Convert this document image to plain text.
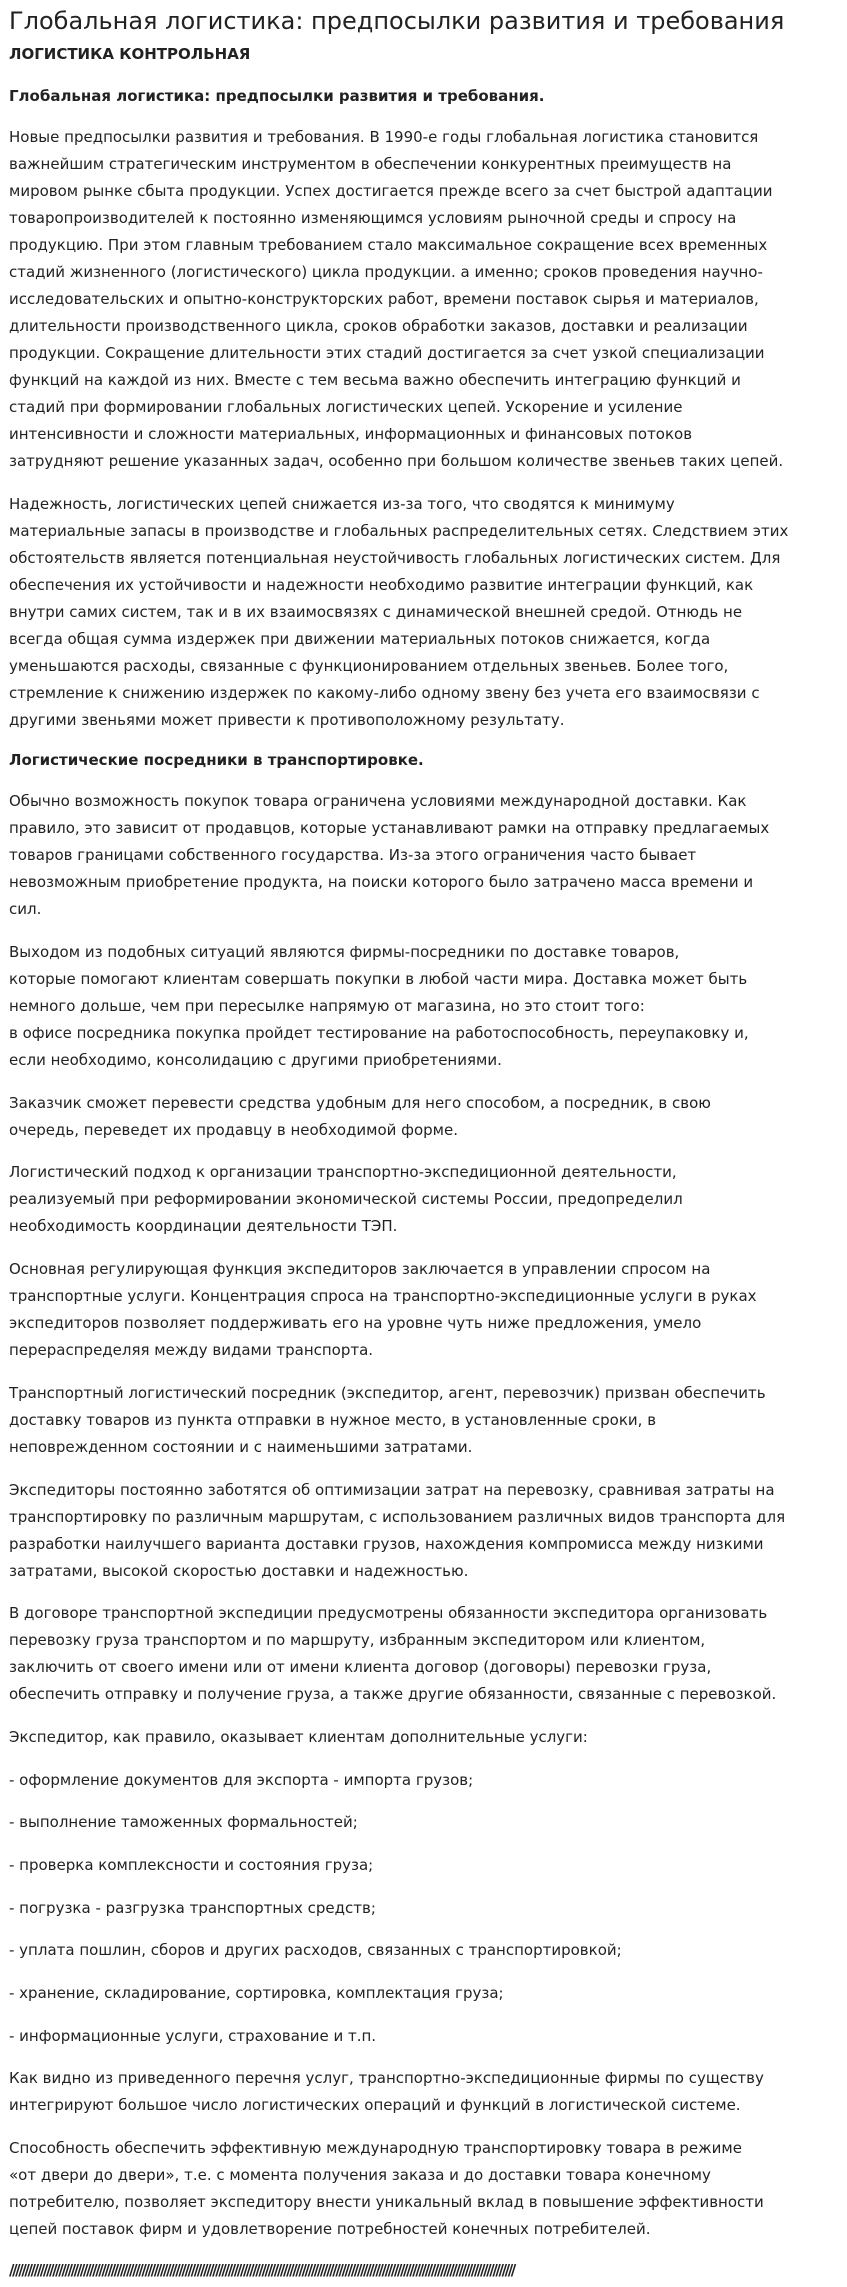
Глобальная логистика: предпосылки развития и требования
ЛОГИСТИКА КОНТРОЛЬНАЯ

Глобальная логистика: предпосылки развития и требования.

Новые предпосылки развития и требования. В 1990-е годы глобальная логистика становится
важнейшим стратегическим инструментом в обеспечении конкурентных преимуществ на
мировом рынке сбыта продукции. Успех достигается прежде всего за счет быстрой адаптации
товаропроизводителей к постоянно изменяющимся условиям рыночной среды и спросу на
продукцию. При этом главным требованием стало максимальное сокращение всех временных
стадий жизненного (логистического) цикла продукции. а именно; сроков проведения научно-
исследовательских и опытно-конструкторских работ, времени поставок сырья и материалов,
длительности производственного цикла, сроков обработки заказов, доставки и реализации
продукции. Сокращение длительности этих стадий достигается за счет узкой специализации
функций на каждой из них. Вместе с тем весьма важно обеспечить интеграцию функций и
стадий при формировании глобальных логистических цепей. Ускорение и усиление
интенсивности и сложности материальных, информационных и финансовых потоков
затрудняют решение указанных задач, особенно при большом количестве звеньев таких цепей.

Надежность, логистических цепей снижается из-за того, что сводятся к минимуму
материальные запасы в производстве и глобальных распределительных сетях. Следствием этих
обстоятельств является потенциальная неустойчивость глобальных логистических систем. Для
обеспечения их устойчивости и надежности необходимо развитие интеграции функций, как
внутри самих систем, так и в их взаимосвязях с динамической внешней средой. Отнюдь не
всегда общая сумма издержек при движении материальных потоков снижается, когда
уменьшаются расходы, связанные с функционированием отдельных звеньев. Более того,
стремление к снижению издержек по какому-либо одному звену без учета его взаимосвязи с
другими звеньями может привести к противоположному результату.

Логистические посредники в транспортировке.

Обычно возможность покупок товара ограничена условиями международной доставки. Как
правило, это зависит от продавцов, которые устанавливают рамки на отправку предлагаемых
товаров границами собственного государства. Из-за этого ограничения часто бывает
невозможным приобретение продукта, на поиски которого было затрачено масса времени и
сил.

Выходом из подобных ситуаций являются фирмы-посредники по доставке товаров,
которые помогают клиентам совершать покупки в любой части мира. Доставка может быть
немного дольше, чем при пересылке напрямую от магазина, но это стоит того:
в офисе посредника покупка пройдет тестирование на работоспособность, переупаковку и,
если необходимо, консолидацию с другими приобретениями.

Заказчик сможет перевести средства удобным для него способом, а посредник, в свою
очередь, переведет их продавцу в необходимой форме.

Логистический подход к организации транспортно-экспедиционной деятельности,
реализуемый при реформировании экономической системы России, предопределил
необходимость координации деятельности ТЭП.

Основная регулирующая функция экспедиторов заключается в управлении спросом на
транспортные услуги. Концентрация спроса на транспортно-экспедиционные услуги в руках
экспедиторов позволяет поддерживать его на уровне чуть ниже предложения, умело
перераспределяя между видами транспорта.

Транспортный логистический посредник (экспедитор, агент, перевозчик) призван обеспечить
доставку товаров из пункта отправки в нужное место, в установленные сроки, в
неповрежденном состоянии и с наименьшими затратами.

Экспедиторы постоянно заботятся об оптимизации затрат на перевозку, сравнивая затраты на
транспортировку по различным маршрутам, с использованием различных видов транспорта для
разработки наилучшего варианта доставки грузов, нахождения компромисса между низкими
затратами, высокой скоростью доставки и надежностью.

В договоре транспортной экспедиции предусмотрены обязанности экспедитора организовать
перевозку груза транспортом и по маршруту, избранным экспедитором или клиентом,
заключить от своего имени или от имени клиента договор (договоры) перевозки груза,
обеспечить отправку и получение груза, а также другие обязанности, связанные с перевозкой.

Экспедитор, как правило, оказывает клиентам дополнительные услуги:

- оформление документов для экспорта - импорта грузов;

- выполнение таможенных формальностей;

- проверка комплексности и состояния груза;

- погрузка - разгрузка транспортных средств;

- уплата пошлин, сборов и других расходов, связанных с транспортировкой;

- хранение, складирование, сортировка, комплектация груза;

- информационные услуги, страхование и т.п.

Как видно из приведенного перечня услуг, транспортно-экспедиционные фирмы по существу
интегрируют большое число логистических операций и функций в логистической системе.

Способность обеспечить эффективную международную транспортировку товара в режиме
«от двери до двери», т.е. с момента получения заказа и до доставки товара конечному
потребителю, позволяет экспедитору внести уникальный вклад в повышение эффективности
цепей поставок фирм и удовлетворение потребностей конечных потребителей.

////////////////////////////////////////////////////////////////////////////////////////////////////////////////////////////////////////////////////////////////////
